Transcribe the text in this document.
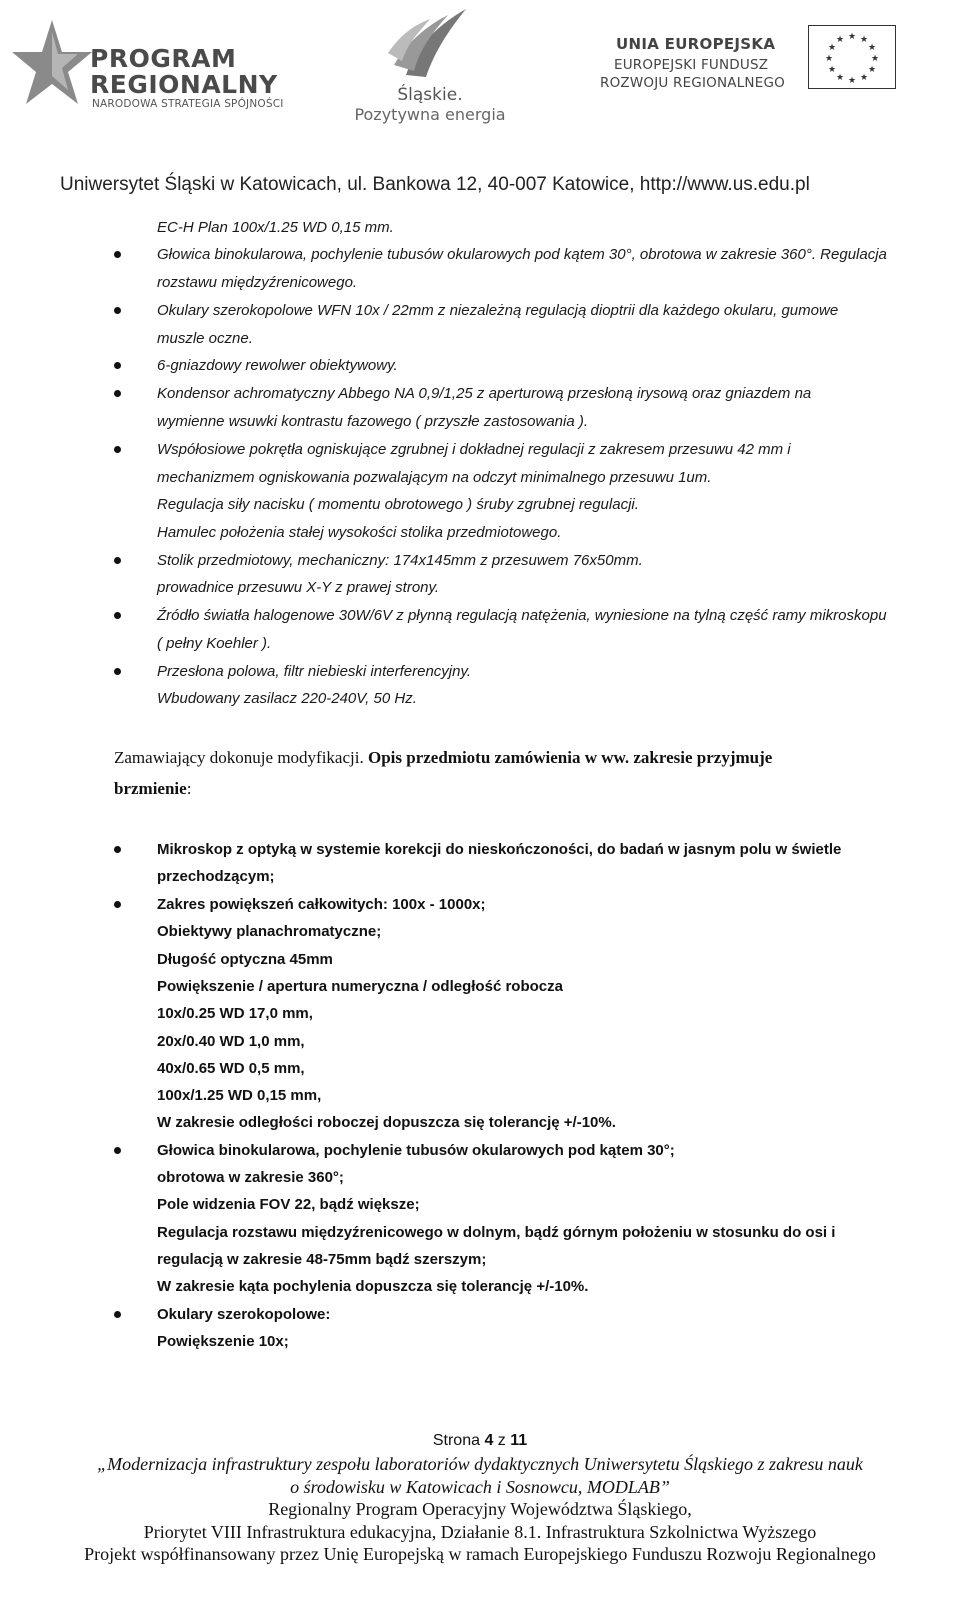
PROGRAM
REGIONALNY
NARODOWA STRATEGIA SPÓJNOŚCI	Śląskie.
Pozytywna energia
UNIA EUROPEJSKA
EUROPEJSKI FUNDUSZ
ROZWOJU REGIONALNEGO
★ ★
★
★
★
★
★
★
★
★
★
★
Uniwersytet Śląski w Katowicach, ul. Bankowa 12, 40-007 Katowice, http://www.us.edu.pl
EC-H Plan 100x/1.25 WD 0,15 mm.
Głowica binokularowa, pochylenie tubusów okularowych pod kątem 30°, obrotowa w zakresie 360°. Regulacja
rozstawu międzyźrenicowego.
Okulary szerokopolowe WFN 10x / 22mm z niezależną regulacją dioptrii dla każdego okularu, gumowe
muszle oczne.
6-gniazdowy rewolwer obiektywowy.
Kondensor achromatyczny Abbego NA 0,9/1,25 z aperturową przesłoną irysową oraz gniazdem na
wymienne wsuwki kontrastu fazowego ( przyszłe zastosowania ).
Współosiowe pokrętła ogniskujące zgrubnej i dokładnej regulacji z zakresem przesuwu 42 mm i
mechanizmem ogniskowania pozwalającym na odczyt minimalnego przesuwu 1um.
Regulacja siły nacisku ( momentu obrotowego ) śruby zgrubnej regulacji.
Hamulec położenia stałej wysokości stolika przedmiotowego.
Stolik przedmiotowy, mechaniczny: 174x145mm z przesuwem 76x50mm.
prowadnice przesuwu X-Y z prawej strony.
Źródło światła halogenowe 30W/6V z płynną regulacją natężenia, wyniesione na tylną część ramy mikroskopu
( pełny Koehler ).
Przesłona polowa, filtr niebieski interferencyjny.
Wbudowany zasilacz 220-240V, 50 Hz.
Zamawiający dokonuje modyfikacji. Opis przedmiotu zamówienia w ww. zakresie przyjmuje
brzmienie:
Mikroskop z optyką w systemie korekcji do nieskończoności, do badań w jasnym polu w świetle
przechodzącym;
Zakres powiększeń całkowitych: 100x - 1000x;
Obiektywy planachromatyczne;
Długość optyczna 45mm
Powiększenie / apertura numeryczna / odległość robocza
10x/0.25 WD 17,0 mm,
20x/0.40 WD 1,0 mm,
40x/0.65 WD 0,5 mm,
100x/1.25 WD 0,15 mm,
W zakresie odległości roboczej dopuszcza się tolerancję +/-10%.
Głowica binokularowa, pochylenie tubusów okularowych pod kątem 30°;
obrotowa w zakresie 360°;
Pole widzenia FOV 22, bądź większe;
Regulacja rozstawu międzyźrenicowego w dolnym, bądź górnym położeniu w stosunku do osi i
regulacją w zakresie 48-75mm bądź szerszym;
W zakresie kąta pochylenia dopuszcza się tolerancję +/-10%.
Okulary szerokopolowe:
Powiększenie 10x;
Strona 4 z 11
„Modernizacja infrastruktury zespołu laboratoriów dydaktycznych Uniwersytetu Śląskiego z zakresu nauk
o środowisku w Katowicach i Sosnowcu, MODLAB”
Regionalny Program Operacyjny Województwa Śląskiego,
Priorytet VIII Infrastruktura edukacyjna, Działanie 8.1. Infrastruktura Szkolnictwa Wyższego
Projekt współfinansowany przez Unię Europejską w ramach Europejskiego Funduszu Rozwoju Regionalnego
